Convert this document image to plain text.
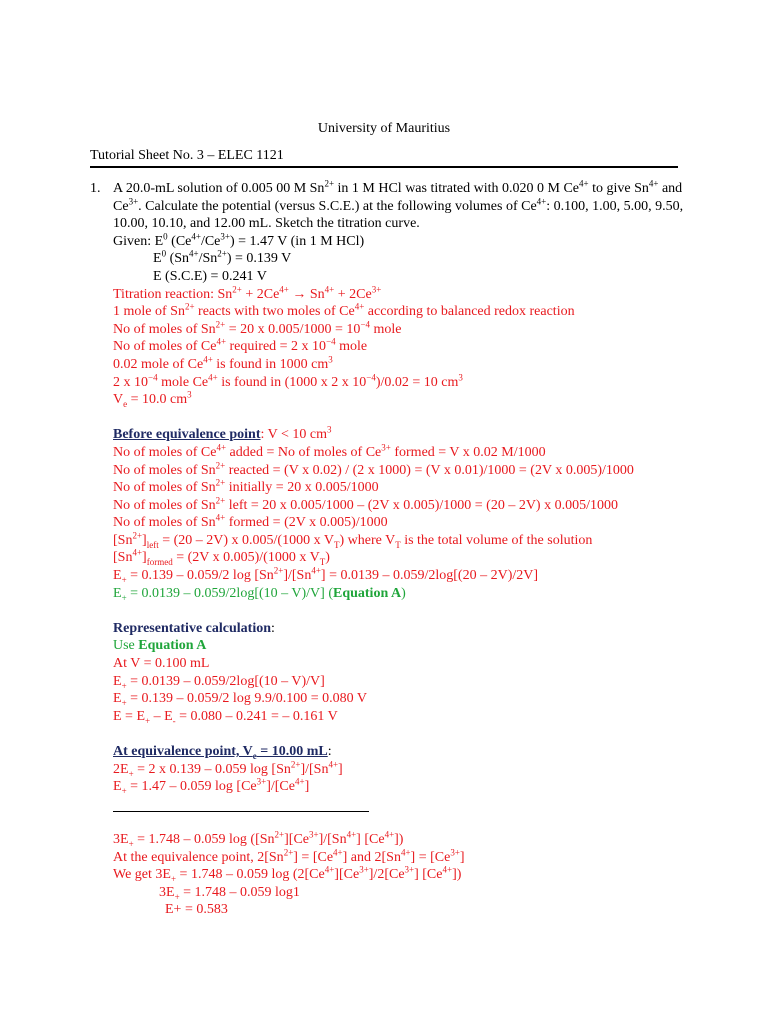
University of Mauritius
Tutorial Sheet No. 3 – ELEC 1121
1. A 20.0-mL solution of 0.005 00 M $Sn^{2+}$ in 1 M HCl was titrated with 0.020 0 M $Ce^{4+}$ to give $Sn^{4+}$ and
$Ce^{3+}$. Calculate the potential (versus S.C.E.) at the following volumes of $Ce^{4+}$: 0.100, 1.00, 5.00, 9.50,
10.00, 10.10, and 12.00 mL. Sketch the titration curve.
Given: $E^0$ $(Ce^{4+}/Ce^{3+}) = 1.47$ V (in 1 M HCl)
$E^0$ $(Sn^{4+}/Sn^{2+}) = 0.139$ V
E (S.C.E) = 0.241 V
Titration reaction: $Sn^{2+} + 2Ce^{4+} \to Sn^{4+} + 2Ce^{3+}$
1 mole of $Sn^{2+}$ reacts with two moles of $Ce^{4+}$ according to balanced redox reaction
No of moles of $Sn^{2+} = 20$ x $0.005/1000 = 10^{-4}$ mole
No of moles of $Ce^{4+}$ required = 2 x $10^{-4}$ mole
0.02 mole of $Ce^{4+}$ is found in 1000 $cm^3$
2 x $10^{-4}$ mole $Ce^{4+}$ is found in (1000 x 2 x $10^{-4})/0.02 = 10$ $cm^3$
$V_e = 10.0$ $cm^3$
Before equivalence point: V < 10 $cm^3$
No of moles of $Ce^{4+}$ added = No of moles of $Ce^{3+}$ formed = V x 0.02 M/1000
No of moles of $Sn^{2+}$ reacted = (V x 0.02) / (2 x 1000) = (V x 0.01)/1000 = (2V x 0.005)/1000
No of moles of $Sn^{2+}$ initially = 20 x 0.005/1000
No of moles of $Sn^{2+}$ left = 20 x 0.005/1000 – (2V x 0.005)/1000 = (20 – 2V) x 0.005/1000
No of moles of $Sn^{4+}$ formed = (2V x 0.005)/1000
$[Sn^{2+}]_{left} = (20 - 2V)$ x 0.005/(1000 x $V_T$) where $V_T$ is the total volume of the solution
$[Sn^{4+}]_{formed} = (2V$ x 0.005)/(1000 x $V_T$)
$E_+ = 0.139 - 0.059/2$ $\log [Sn^{2+}]/[Sn^{4+}] = 0.0139 - 0.059/2\log[(20 - 2V)/2V]$
$E_+ = 0.0139 - 0.059/2\log[(10 - V)/V]$ (Equation A)
Representative calculation:
Use Equation A
At V = 0.100 mL
$E_+ = 0.0139 - 0.059/2\log[(10 - V)/V]$
$E_+ = 0.139 - 0.059/2$ log 9.9/0.100 = 0.080 V
$E = E_+ - E_- = 0.080 - 0.241$ = – 0.161 V
At equivalence point, $V_e = 10.00$ mL:
$2E_+ = 2$ x 0.139 – 0.059 $\log [Sn^{2+}]/[Sn^{4+}]$
$E_+ = 1.47 - 0.059$ $\log [Ce^{3+}]/[Ce^{4+}]$
$3E_+ = 1.748 - 0.059$ $\log ([Sn^{2+}][Ce^{3+}]/[Sn^{4+}]$ $[Ce^{4+}]$)
At the equivalence point, $2[Sn^{2+}] = [Ce^{4+}]$ and $2[Sn^{4+}] = [Ce^{3+}]$
We get $3E_+ = 1.748 - 0.059$ $\log (2[Ce^{4+}][Ce^{3+}]/2[Ce^{3+}]$ $[Ce^{4+}]$)
$3E_+ = 1.748 - 0.059$ log1
E+ = 0.583
